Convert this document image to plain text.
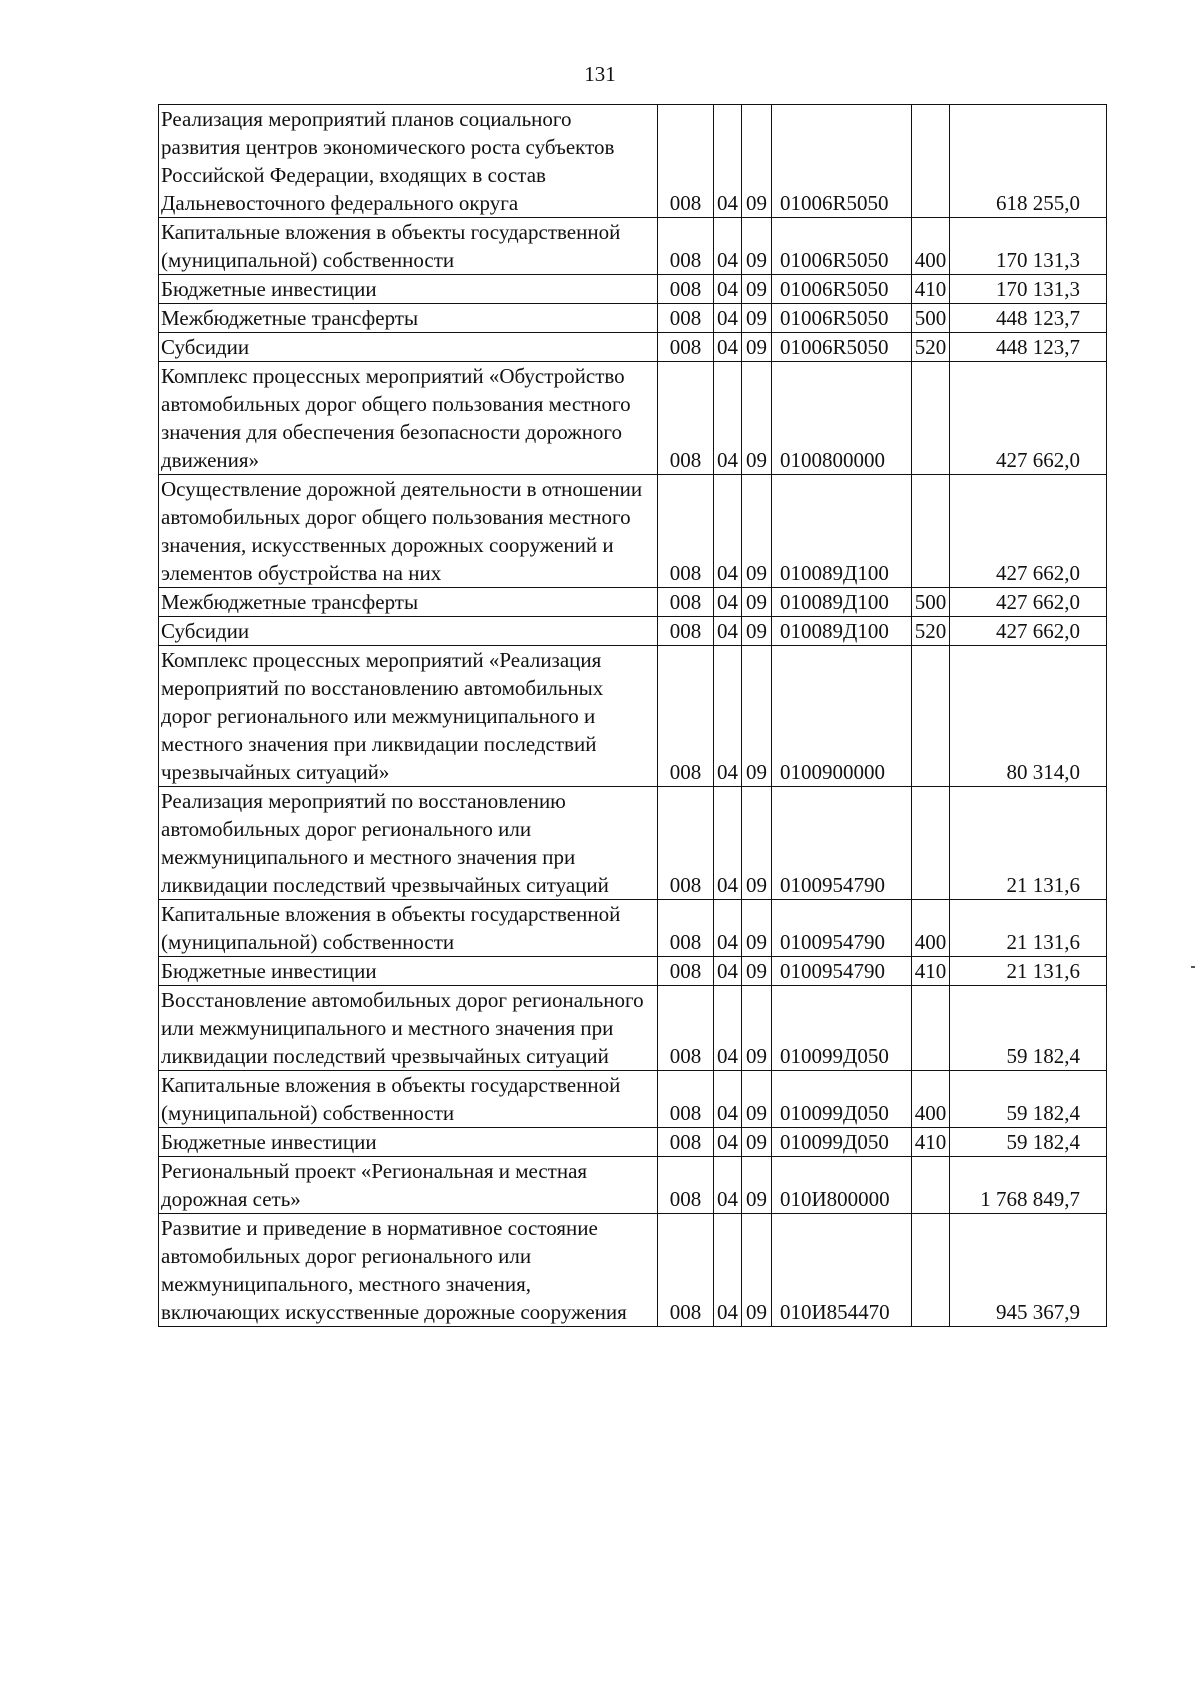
131
Реализация мероприятий планов социального развития центров экономического роста субъектов Российской Федерации, входящих в состав Дальневосточного федерального округа	008	04	09	01006R5050		618 255,0
Капитальные вложения в объекты государственной (муниципальной) собственности	008	04	09	01006R5050	400	170 131,3
Бюджетные инвестиции	008	04	09	01006R5050	410	170 131,3
Межбюджетные трансферты	008	04	09	01006R5050	500	448 123,7
Субсидии	008	04	09	01006R5050	520	448 123,7
Комплекс процессных мероприятий «Обустройство автомобильных дорог общего пользования местного значения для обеспечения безопасности дорожного движения»	008	04	09	0100800000		427 662,0
Осуществление дорожной деятельности в отношении автомобильных дорог общего пользования местного значения, искусственных дорожных сооружений и элементов обустройства на них	008	04	09	010089Д100		427 662,0
Межбюджетные трансферты	008	04	09	010089Д100	500	427 662,0
Субсидии	008	04	09	010089Д100	520	427 662,0
Комплекс процессных мероприятий «Реализация мероприятий по восстановлению автомобильных дорог регионального или межмуниципального и местного значения при ликвидации последствий чрезвычайных ситуаций»	008	04	09	0100900000		80 314,0
Реализация мероприятий по восстановлению автомобильных дорог регионального или межмуниципального и местного значения при ликвидации последствий чрезвычайных ситуаций	008	04	09	0100954790		21 131,6
Капитальные вложения в объекты государственной (муниципальной) собственности	008	04	09	0100954790	400	21 131,6
Бюджетные инвестиции	008	04	09	0100954790	410	21 131,6
Восстановление автомобильных дорог регионального или межмуниципального и местного значения при ликвидации последствий чрезвычайных ситуаций	008	04	09	010099Д050		59 182,4
Капитальные вложения в объекты государственной (муниципальной) собственности	008	04	09	010099Д050	400	59 182,4
Бюджетные инвестиции	008	04	09	010099Д050	410	59 182,4
Региональный проект «Региональная и местная дорожная сеть»	008	04	09	010И800000		1 768 849,7
Развитие и приведение в нормативное состояние автомобильных дорог регионального или межмуниципального, местного значения, включающих искусственные дорожные сооружения	008	04	09	010И854470		945 367,9
